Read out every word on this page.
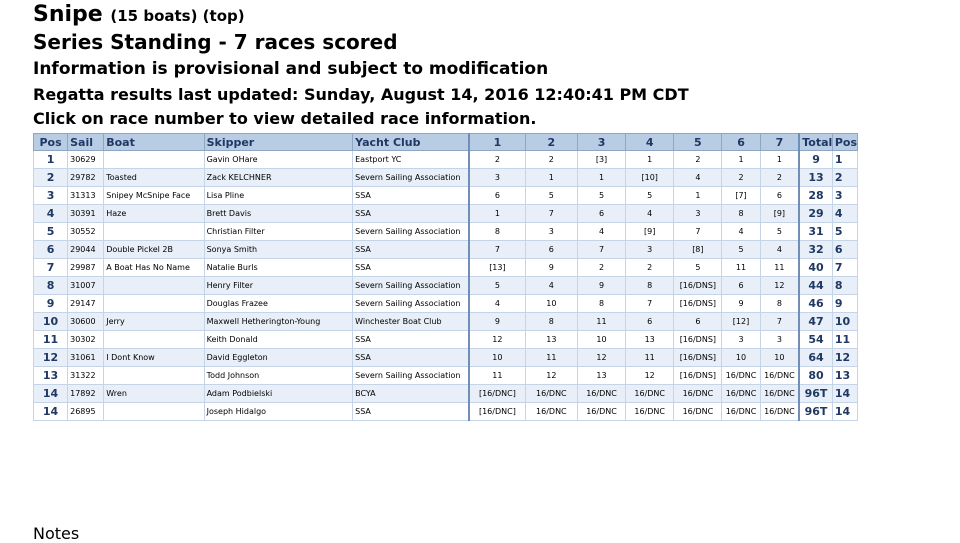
Snipe (15 boats) (top)
Series Standing - 7 races scored
Information is provisional and subject to modification
Regatta results last updated: Sunday, August 14, 2016 12:40:41 PM CDT
Click on race number to view detailed race information.
Pos	Sail	Boat	Skipper	Yacht Club	1	2	3	4	5	6	7	Total	Pos
1	30629		Gavin OHare	Eastport YC	2	2	[3]	1	2	1	1	9	1
2	29782	Toasted	Zack KELCHNER	Severn Sailing Association	3	1	1	[10]	4	2	2	13	2
3	31313	Snipey McSnipe Face	Lisa Pline	SSA	6	5	5	5	1	[7]	6	28	3
4	30391	Haze	Brett Davis	SSA	1	7	6	4	3	8	[9]	29	4
5	30552		Christian Filter	Severn Sailing Association	8	3	4	[9]	7	4	5	31	5
6	29044	Double Pickel 2B	Sonya Smith	SSA	7	6	7	3	[8]	5	4	32	6
7	29987	A Boat Has No Name	Natalie Burls	SSA	[13]	9	2	2	5	11	11	40	7
8	31007		Henry Filter	Severn Sailing Association	5	4	9	8	[16/DNS]	6	12	44	8
9	29147		Douglas Frazee	Severn Sailing Association	4	10	8	7	[16/DNS]	9	8	46	9
10	30600	Jerry	Maxwell Hetherington-Young	Winchester Boat Club	9	8	11	6	6	[12]	7	47	10
11	30302		Keith Donald	SSA	12	13	10	13	[16/DNS]	3	3	54	11
12	31061	I Dont Know	David Eggleton	SSA	10	11	12	11	[16/DNS]	10	10	64	12
13	31322		Todd Johnson	Severn Sailing Association	11	12	13	12	[16/DNS]	16/DNC	16/DNC	80	13
14	17892	Wren	Adam Podbielski	BCYA	[16/DNC]	16/DNC	16/DNC	16/DNC	16/DNC	16/DNC	16/DNC	96T	14
14	26895		Joseph Hidalgo	SSA	[16/DNC]	16/DNC	16/DNC	16/DNC	16/DNC	16/DNC	16/DNC	96T	14
Notes
